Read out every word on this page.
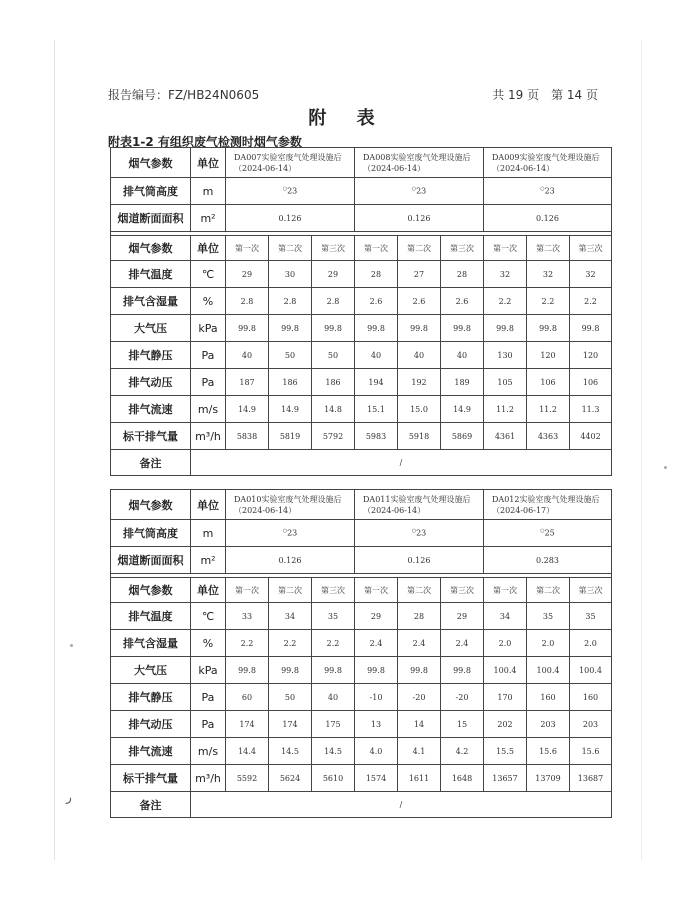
报告编号：FZ/HB24N0605	共 19 页　第 14 页
附 表
附表1-2 有组织废气检测时烟气参数
烟气参数	单位	DA007实验室废气处理设施后（2024-06-14）			DA008实验室废气处理设施后（2024-06-14）			DA009实验室废气处理设施后（2024-06-14）		
排气筒高度	m	○23			○23			○23		
烟道断面面积	m²	0.126			0.126			0.126		

烟气参数	单位	第一次	第二次	第三次	第一次	第二次	第三次	第一次	第二次	第三次
排气温度	℃	29	30	29	28	27	28	32	32	32
排气含湿量	%	2.8	2.8	2.8	2.6	2.6	2.6	2.2	2.2	2.2
大气压	kPa	99.8	99.8	99.8	99.8	99.8	99.8	99.8	99.8	99.8
排气静压	Pa	40	50	50	40	40	40	130	120	120
排气动压	Pa	187	186	186	194	192	189	105	106	106
排气流速	m/s	14.9	14.9	14.8	15.1	15.0	14.9	11.2	11.2	11.3
标干排气量	m³/h	5838	5819	5792	5983	5918	5869	4361	4363	4402
备注	/									
烟气参数	单位	DA010实验室废气处理设施后（2024-06-14）			DA011实验室废气处理设施后（2024-06-14）			DA012实验室废气处理设施后（2024-06-17）		
排气筒高度	m	○23			○23			○25		
烟道断面面积	m²	0.126			0.126			0.283		

烟气参数	单位	第一次	第二次	第三次	第一次	第二次	第三次	第一次	第二次	第三次
排气温度	℃	33	34	35	29	28	29	34	35	35
排气含湿量	%	2.2	2.2	2.2	2.4	2.4	2.4	2.0	2.0	2.0
大气压	kPa	99.8	99.8	99.8	99.8	99.8	99.8	100.4	100.4	100.4
排气静压	Pa	60	50	40	-10	-20	-20	170	160	160
排气动压	Pa	174	174	175	13	14	15	202	203	203
排气流速	m/s	14.4	14.5	14.5	4.0	4.1	4.2	15.5	15.6	15.6
标干排气量	m³/h	5592	5624	5610	1574	1611	1648	13657	13709	13687
备注	/									
ر
